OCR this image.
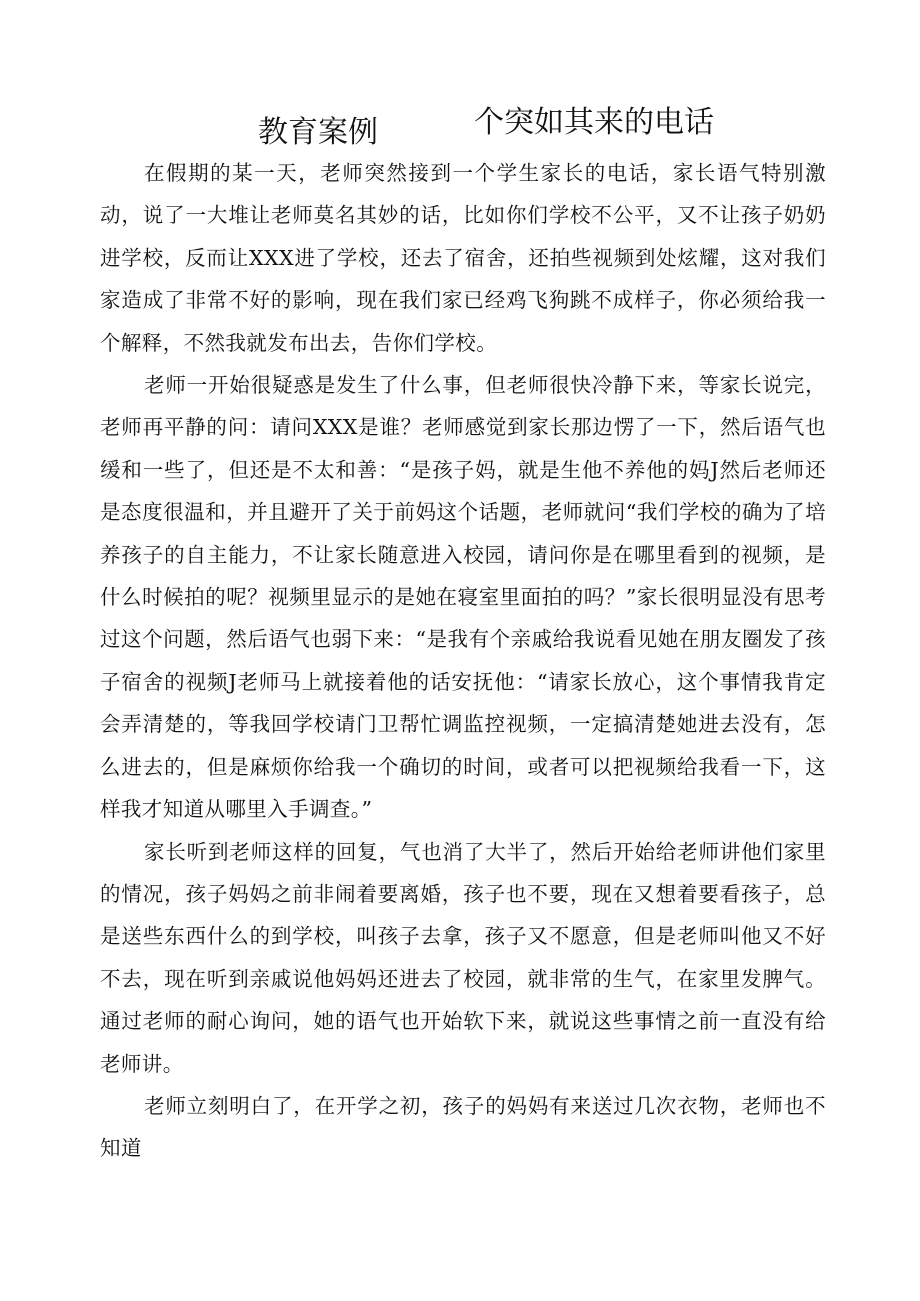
教育案例	个突如其来的电话

在假期的某一天，老师突然接到一个学生家长的电话，家长语气特别激动，说了一大堆让老师莫名其妙的话，比如你们学校不公平，又不让孩子奶奶进学校，反而让XXX进了学校，还去了宿舍，还拍些视频到处炫耀，这对我们家造成了非常不好的影响，现在我们家已经鸡飞狗跳不成样子，你必须给我一个解释，不然我就发布出去，告你们学校。

老师一开始很疑惑是发生了什么事，但老师很快冷静下来，等家长说完，老师再平静的问：请问XXX是谁？老师感觉到家长那边愣了一下，然后语气也缓和一些了，但还是不太和善：“是孩子妈，就是生他不养他的妈J然后老师还是态度很温和，并且避开了关于前妈这个话题，老师就问“我们学校的确为了培养孩子的自主能力，不让家长随意进入校园，请问你是在哪里看到的视频，是什么时候拍的呢？视频里显示的是她在寝室里面拍的吗？”家长很明显没有思考过这个问题，然后语气也弱下来：“是我有个亲戚给我说看见她在朋友圈发了孩子宿舍的视频J老师马上就接着他的话安抚他：“请家长放心，这个事情我肯定会弄清楚的，等我回学校请门卫帮忙调监控视频，一定搞清楚她进去没有，怎么进去的，但是麻烦你给我一个确切的时间，或者可以把视频给我看一下，这样我才知道从哪里入手调查。”

家长听到老师这样的回复，气也消了大半了，然后开始给老师讲他们家里的情况，孩子妈妈之前非闹着要离婚，孩子也不要，现在又想着要看孩子，总是送些东西什么的到学校，叫孩子去拿，孩子又不愿意，但是老师叫他又不好不去，现在听到亲戚说他妈妈还进去了校园，就非常的生气，在家里发脾气。通过老师的耐心询问，她的语气也开始软下来，就说这些事情之前一直没有给老师讲。

老师立刻明白了，在开学之初，孩子的妈妈有来送过几次衣物，老师也不知道
